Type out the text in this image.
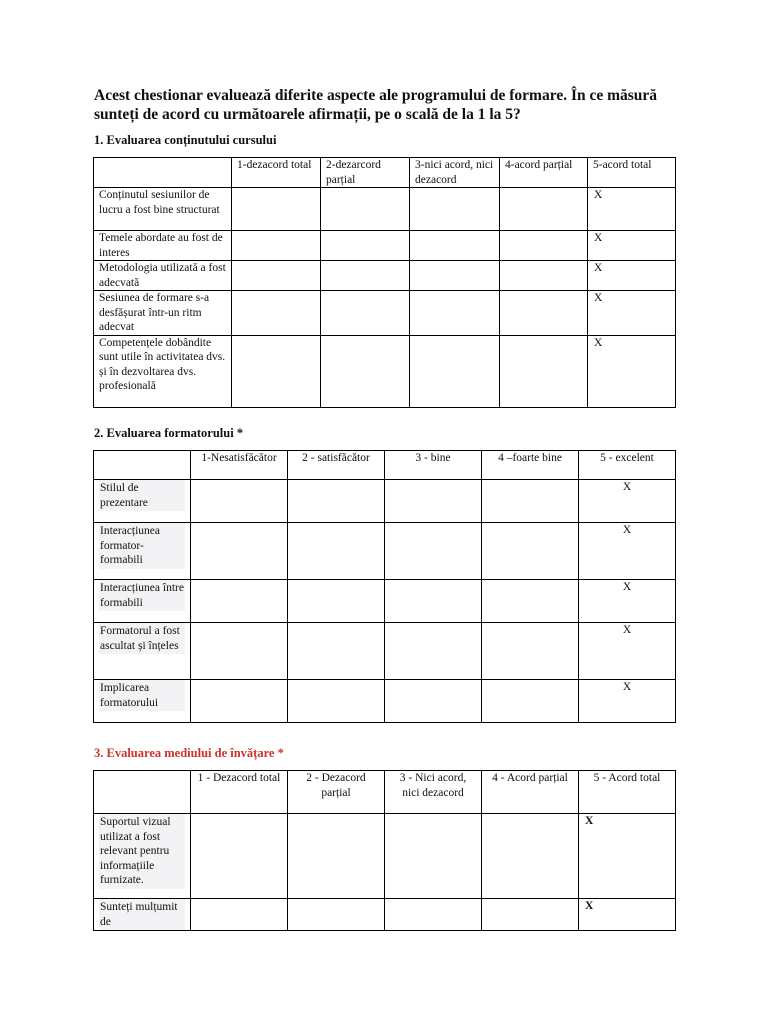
Acest chestionar evaluează diferite aspecte ale programului de formare. În ce măsură sunteți de acord cu următoarele afirmații, pe o scală de la 1 la 5?

1. Evaluarea conținutului cursului

	1-dezacord total	2-dezarcord parțial	3-nici acord, nici dezacord	4-acord parțial	5-acord total
Conținutul sesiunilor de lucru a fost bine structurat					X
Temele abordate au fost de interes					X
Metodologia utilizată a fost adecvată					X
Sesiunea de formare s-a desfășurat într-un ritm adecvat					X
Competențele dobândite sunt utile în activitatea dvs. și în dezvoltarea dvs. profesională					X

2. Evaluarea formatorului *

	1-Nesatisfăcător	2 - satisfăcător	3 - bine	4 –foarte bine	5 - excelent
Stilul de prezentare					X
Interacțiunea formator-formabili					X
Interacțiunea între formabili					X
Formatorul a fost ascultat și înțeles					X
Implicarea formatorului					X

3. Evaluarea mediului de învățare *

	1 - Dezacord total	2 - Dezacord parțial	3 - Nici acord, nici dezacord	4 - Acord parțial	5 - Acord total
Suportul vizual utilizat a fost relevant pentru informațiile furnizate.					X
Sunteți mulțumit de					X
